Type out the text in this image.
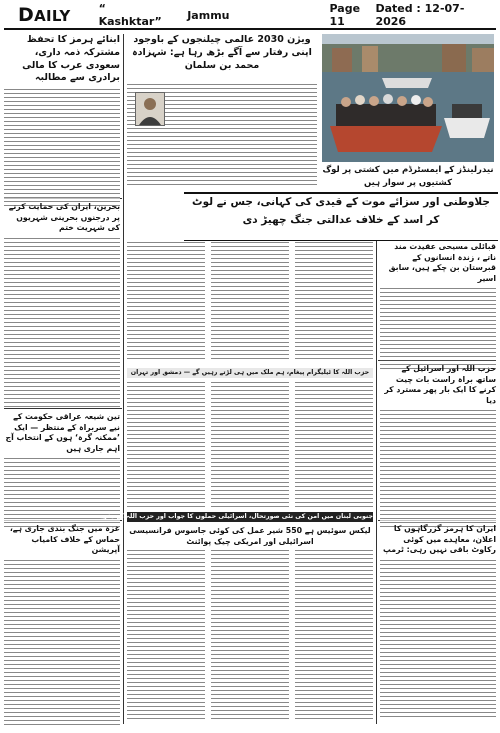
DAILY	“ Kashktar”	Jammu	Page 11
Dated : 12-07-2026
ابنائے ہرمز کا تحفظ مشترکہ ذمہ داری، سعودی عرب کا مالی برادری سے مطالبہ
ویژن 2030 عالمی چیلنجوں کے باوجود اپنی رفتار سے آگے بڑھ رہا ہے: شہزادہ محمد بن سلمان
نیدرلینڈز کے ایمسٹرڈم میں کشتی پر لوگ کشتیوں پر سوار ہیں
جلاوطنی اور سزائے موت کے قیدی کی کہانی، جس نے لوٹ کر اسد کے خلاف عدالتی جنگ چھیڑ دی
بحرین، ایران کی حمایت کرنے پر درجنوں بحرینی شہریوں کی شہریت ختم
تین شیعہ عراقی حکومت کے نیے سربراہ کے منتظر — ایک ’ممکنہ گرہ‘ ہوں کے انتخاب آج اہم جاری ہیں
غزہ میں جنگ بندی جاری ہے، حماس کے خلاف کامیاب آپریشن
قبائلی مسیحی عقیدت مند ناتے ، زندہ انسانوں کے قبرستان بن چکے ہیں، سابق اسیر
حزب اللہ کا ٹیلیگرام پیغام، ہم ملک میں ہی لڑتے رہیں گے — دمشق اور تہران	حزب اللہ اور اسرائیل کے ساتھ براہ راست بات چیت کرنے کا ایک بار پھر مسترد کر دیا
جنوبی لبنان میں امن کی نئی صورتحال، اسرائیلی حملوں کا جواب اور حزب اللہ کے دعوے
لیکس سوئیس ہے 550 شیر عمل کی کوئی جاسوس فرانسیسی اسرائیلی اور امریکی چیک پوائنٹ
ایران کا ہرمز گزرگاہوں کا اعلان، معاہدے میں کوئی رکاوٹ باقی نہیں رہی: ٹرمپ
